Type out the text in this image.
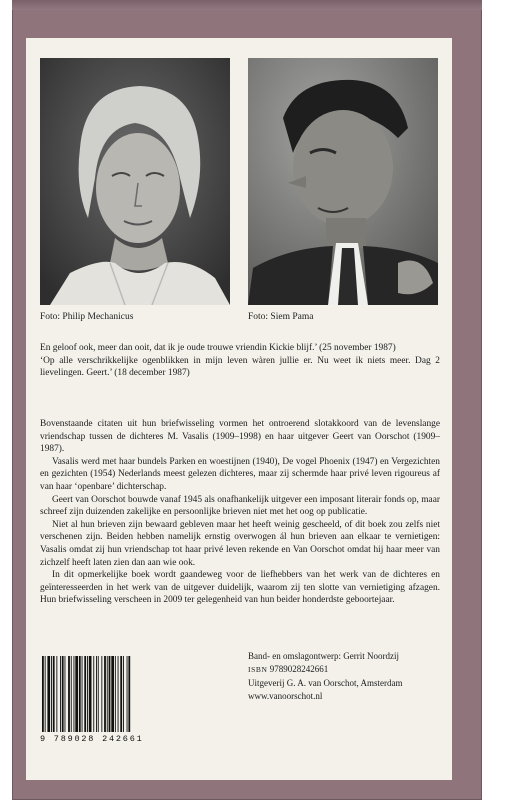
Foto: Philip Mechanicus	Foto: Siem Pama

En geloof ook, meer dan ooit, dat ik je oude trouwe vriendin Kickie blijf.’ (25 november 1987)

‘Op alle verschrikkelijke ogenblikken in mijn leven wàren jullie er. Nu weet ik niets meer. Dag 2 lievelingen. Geert.’ (18 december 1987)

Bovenstaande citaten uit hun briefwisseling vormen het ontroerend slotakkoord van de levenslange vriendschap tussen de dichteres M. Vasalis (1909–1998) en haar uitgever Geert van Oorschot (1909–1987).

Vasalis werd met haar bundels Parken en woestijnen (1940), De vogel Phoenix (1947) en Vergezichten en gezichten (1954) Nederlands meest gelezen dichteres, maar zij schermde haar privé leven rigoureus af van haar ‘openbare’ dichterschap.

Geert van Oorschot bouwde vanaf 1945 als onafhankelijk uitgever een imposant literair fonds op, maar schreef zijn duizenden zakelijke en persoonlijke brieven niet met het oog op publicatie.

Niet al hun brieven zijn bewaard gebleven maar het heeft weinig gescheeld, of dit boek zou zelfs niet verschenen zijn. Beiden hebben namelijk ernstig overwogen ál hun brieven aan elkaar te vernietigen: Vasalis omdat zij hun vriendschap tot haar privé leven rekende en Van Oorschot omdat hij haar meer van zichzelf heeft laten zien dan aan wie ook.

In dit opmerkelijke boek wordt gaandeweg voor de liefhebbers van het werk van de dichteres en geïnteresseerden in het werk van de uitgever duidelijk, waarom zij ten slotte van vernietiging afzagen. Hun briefwisseling verscheen in 2009 ter gelegenheid van hun beider honderdste geboortejaar.

9 789028 242661
Band- en omslagontwerp: Gerrit Noordzij
ISBN 9789028242661
Uitgeverij G. A. van Oorschot, Amsterdam
www.vanoorschot.nl
